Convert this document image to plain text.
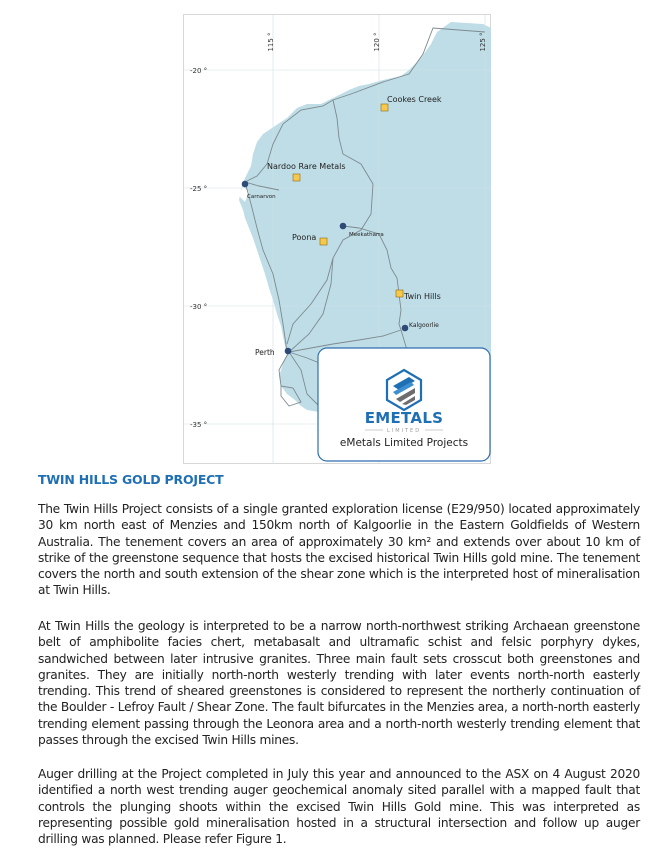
115 °	120 °	125 °
-20 °
-25 °
-30 °
-35 °
Cookes Creek
Nardoo Rare Metals
Poona
Twin Hills
Carnarvon
Meekatharra
Kalgoorlie
Perth
EMETALS
LIMITED
eMetals Limited Projects
TWIN HILLS GOLD PROJECT

The Twin Hills Project consists of a single granted exploration license (E29/950) located approximately 30 km north east of Menzies and 150km north of Kalgoorlie in the Eastern Goldfields of Western Australia. The tenement covers an area of approximately 30 km² and extends over about 10 km of strike of the greenstone sequence that hosts the excised historical Twin Hills gold mine. The tenement covers the north and south extension of the shear zone which is the interpreted host of mineralisation at Twin Hills.

At Twin Hills the geology is interpreted to be a narrow north-northwest striking Archaean greenstone belt of amphibolite facies chert, metabasalt and ultramafic schist and felsic porphyry dykes, sandwiched between later intrusive granites. Three main fault sets crosscut both greenstones and granites. They are initially north-north westerly trending with later events north-north easterly trending. This trend of sheared greenstones is considered to represent the northerly continuation of the Boulder - Lefroy Fault / Shear Zone. The fault bifurcates in the Menzies area, a north-north easterly trending element passing through the Leonora area and a north-north westerly trending element that passes through the excised Twin Hills mines.

Auger drilling at the Project completed in July this year and announced to the ASX on 4 August 2020 identified a north west trending auger geochemical anomaly sited parallel with a mapped fault that controls the plunging shoots within the excised Twin Hills Gold mine. This was interpreted as representing possible gold mineralisation hosted in a structural intersection and follow up auger drilling was planned. Please refer Figure 1.
